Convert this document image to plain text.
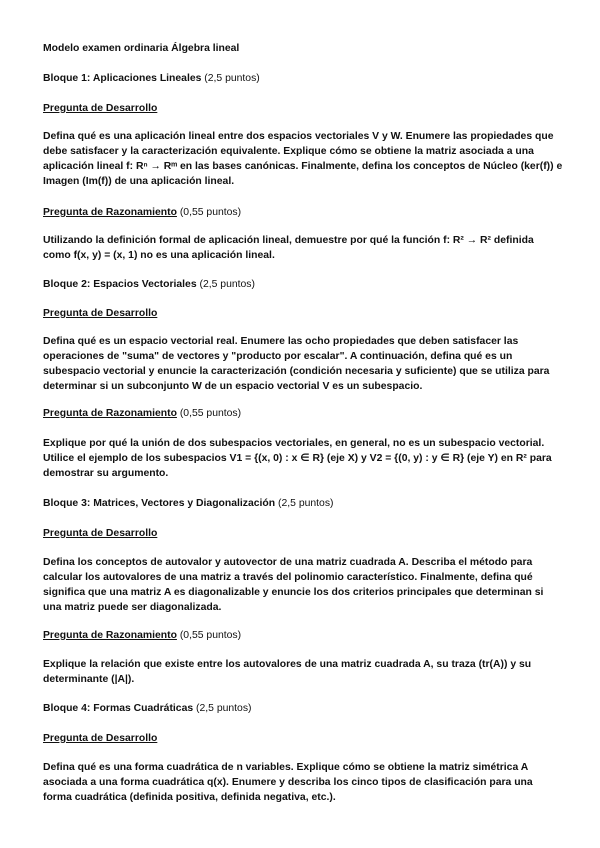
Modelo examen ordinaria Álgebra lineal

Bloque 1: Aplicaciones Lineales (2,5 puntos)

Pregunta de Desarrollo

Defina qué es una aplicación lineal entre dos espacios vectoriales V y W. Enumere las propiedades que debe satisfacer y la caracterización equivalente. Explique cómo se obtiene la matriz asociada a una aplicación lineal f: Rⁿ → Rᵐ en las bases canónicas. Finalmente, defina los conceptos de Núcleo (ker(f)) e Imagen (Im(f)) de una aplicación lineal.

Pregunta de Razonamiento (0,55 puntos)

Utilizando la definición formal de aplicación lineal, demuestre por qué la función f: R² → R² definida como f(x, y) = (x, 1) no es una aplicación lineal.

Bloque 2: Espacios Vectoriales (2,5 puntos)

Pregunta de Desarrollo

Defina qué es un espacio vectorial real. Enumere las ocho propiedades que deben satisfacer las operaciones de "suma" de vectores y "producto por escalar". A continuación, defina qué es un subespacio vectorial y enuncie la caracterización (condición necesaria y suficiente) que se utiliza para determinar si un subconjunto W de un espacio vectorial V es un subespacio.

Pregunta de Razonamiento (0,55 puntos)

Explique por qué la unión de dos subespacios vectoriales, en general, no es un subespacio vectorial. Utilice el ejemplo de los subespacios V1 = {(x, 0) : x ∈ R} (eje X) y V2 = {(0, y) : y ∈ R} (eje Y) en R² para demostrar su argumento.

Bloque 3: Matrices, Vectores y Diagonalización (2,5 puntos)

Pregunta de Desarrollo

Defina los conceptos de autovalor y autovector de una matriz cuadrada A. Describa el método para calcular los autovalores de una matriz a través del polinomio característico. Finalmente, defina qué significa que una matriz A es diagonalizable y enuncie los dos criterios principales que determinan si una matriz puede ser diagonalizada.

Pregunta de Razonamiento (0,55 puntos)

Explique la relación que existe entre los autovalores de una matriz cuadrada A, su traza (tr(A)) y su determinante (|A|).

Bloque 4: Formas Cuadráticas (2,5 puntos)

Pregunta de Desarrollo

Defina qué es una forma cuadrática de n variables. Explique cómo se obtiene la matriz simétrica A asociada a una forma cuadrática q(x). Enumere y describa los cinco tipos de clasificación para una forma cuadrática (definida positiva, definida negativa, etc.).
